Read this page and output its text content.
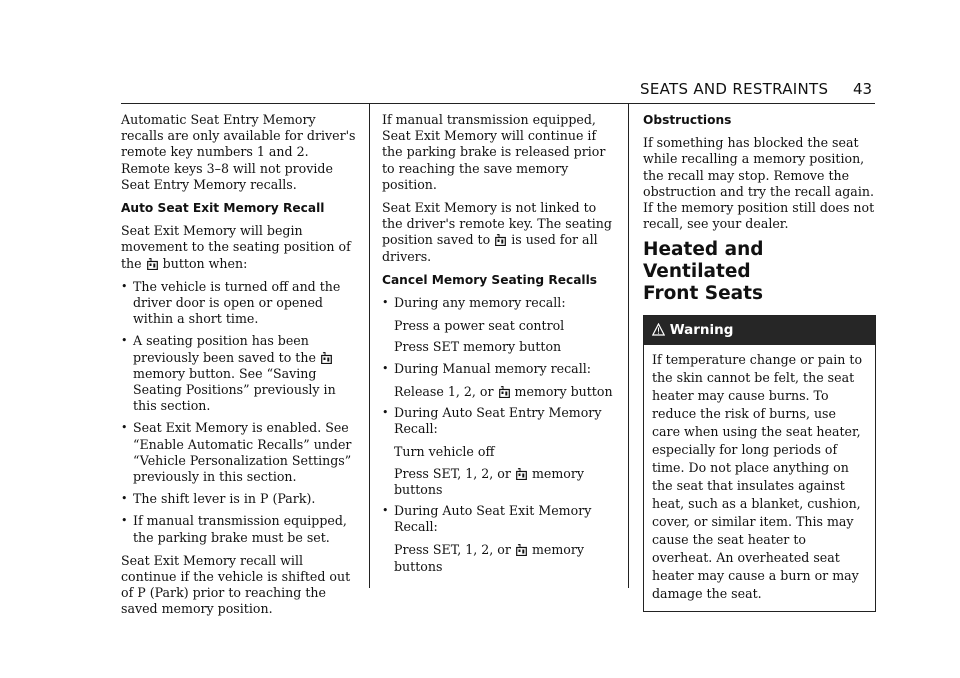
SEATS AND RESTRAINTS 43

Automatic Seat Entry Memory recalls are only available for driver's remote key numbers 1 and 2. Remote keys 3–8 will not provide Seat Entry Memory recalls.

Auto Seat Exit Memory Recall

Seat Exit Memory will begin movement to the seating position of
the button when:

• The vehicle is turned off and the driver door is open or opened within a short time.
• A seating position has been
previously been saved to the
memory button. See “Saving Seating Positions” previously in this section.
• Seat Exit Memory is enabled. See “Enable Automatic Recalls” under “Vehicle Personalization Settings” previously in this section.
• The shift lever is in P (Park).
• If manual transmission equipped, the parking brake must be set.

Seat Exit Memory recall will continue if the vehicle is shifted out of P (Park) prior to reaching the saved memory position.

If manual transmission equipped, Seat Exit Memory will continue if the parking brake is released prior to reaching the save memory position.

Seat Exit Memory is not linked to the driver's remote key. The seating
position saved to is used for all drivers.

Cancel Memory Seating Recalls
• During any memory recall:
Press a power seat control
Press SET memory button
• During Manual memory recall:
Release 1, 2, or memory button
• During Auto Seat Entry Memory Recall:
Turn vehicle off
Press SET, 1, 2, or memory buttons
• During Auto Seat Exit Memory Recall:
Press SET, 1, 2, or memory buttons
Obstructions

If something has blocked the seat while recalling a memory position, the recall may stop. Remove the obstruction and try the recall again. If the memory position still does not recall, see your dealer.

Heated and Ventilated
Front Seats
Warning
If temperature change or pain to the skin cannot be felt, the seat heater may cause burns. To reduce the risk of burns, use care when using the seat heater, especially for long periods of time. Do not place anything on the seat that insulates against heat, such as a blanket, cushion, cover, or similar item. This may cause the seat heater to overheat. An overheated seat heater may cause a burn or may damage the seat.
